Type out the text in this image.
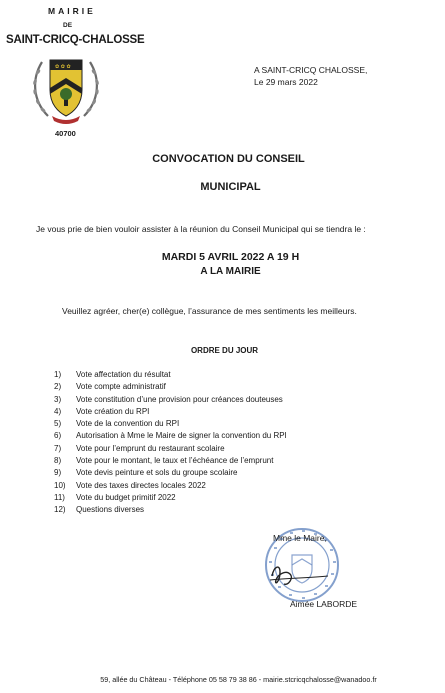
MAIRIE
DE
SAINT-CRICQ-CHALOSSE
✿ ✿ ✿
40700
A SAINT-CRICQ CHALOSSE,
Le 29 mars 2022
CONVOCATION DU CONSEIL
MUNICIPAL
Je vous prie de bien vouloir assister à la réunion du Conseil Municipal qui se tiendra le :
MARDI 5 AVRIL 2022 A 19 H
A LA MAIRIE
Veuillez agréer, cher(e) collègue, l’assurance de mes sentiments les meilleurs.
ORDRE DU JOUR
1) Vote affectation du résultat
2) Vote compte administratif
3) Vote constitution d’une provision pour créances douteuses
4) Vote création du RPI
5) Vote de la convention du RPI
6) Autorisation à Mme le Maire de signer la convention du RPI
7) Vote pour l’emprunt du restaurant scolaire
8) Vote pour le montant, le taux et l’échéance de l’emprunt
9) Vote devis peinture et sols du groupe scolaire
10) Vote des taxes directes locales 2022
11) Vote du budget primitif 2022
12) Questions diverses
Mme le Maire,
Aimée LABORDE
59, allée du Château - Téléphone 05 58 79 38 86 - mairie.stcricqchalosse@wanadoo.fr
